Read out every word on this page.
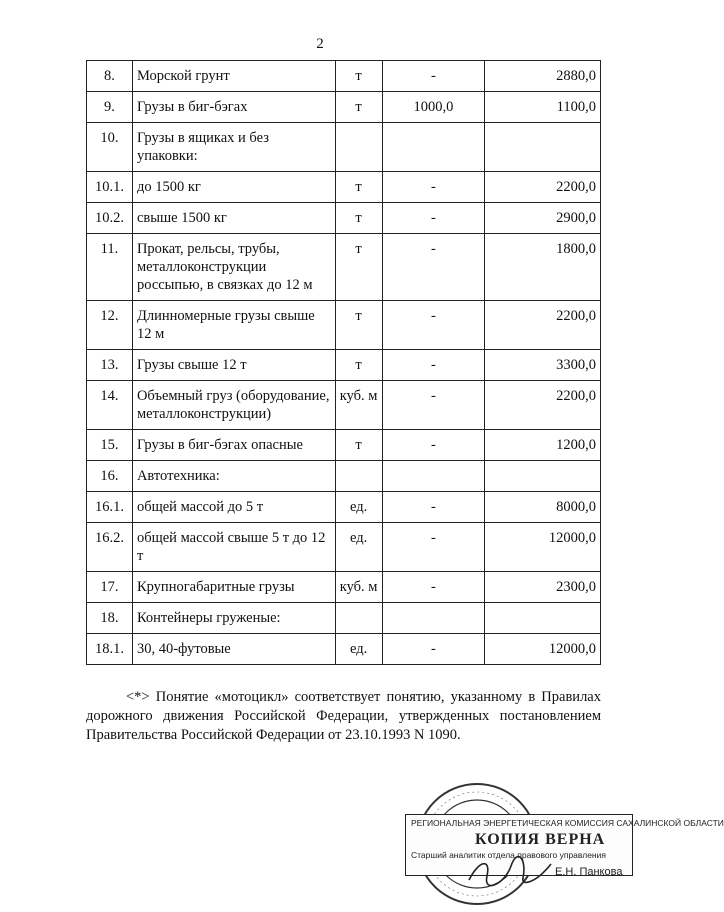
2
8.	Морской грунт	т	-	2880,0
9.	Грузы в биг-бэгах	т	1000,0	1100,0
10.	Грузы в ящиках и без упаковки:			
10.1.	до 1500 кг	т	-	2200,0
10.2.	свыше 1500 кг	т	-	2900,0
11.	Прокат, рельсы, трубы, металлоконструкции россыпью, в связках до 12 м	т	-	1800,0
12.	Длинномерные грузы свыше 12 м	т	-	2200,0
13.	Грузы свыше 12 т	т	-	3300,0
14.	Объемный груз (оборудование, металлоконструкции)	куб. м	-	2200,0
15.	Грузы в биг-бэгах опасные	т	-	1200,0
16.	Автотехника:			
16.1.	общей массой до 5 т	ед.	-	8000,0
16.2.	общей массой свыше 5 т до 12 т	ед.	-	12000,0
17.	Крупногабаритные грузы	куб. м	-	2300,0
18.	Контейнеры груженые:			
18.1.	30, 40-футовые	ед.	-	12000,0
<*> Понятие «мотоцикл» соответствует понятию, указанному в Правилах дорожного движения Российской Федерации, утвержденных постановлением Правительства Российской Федерации от 23.10.1993 N 1090.
РЕГИОНАЛЬНАЯ ЭНЕРГЕТИЧЕСКАЯ КОМИССИЯ САХАЛИНСКОЙ ОБЛАСТИ
КОПИЯ ВЕРНА
Старший аналитик отдела правового управления
Е.Н. Панкова
